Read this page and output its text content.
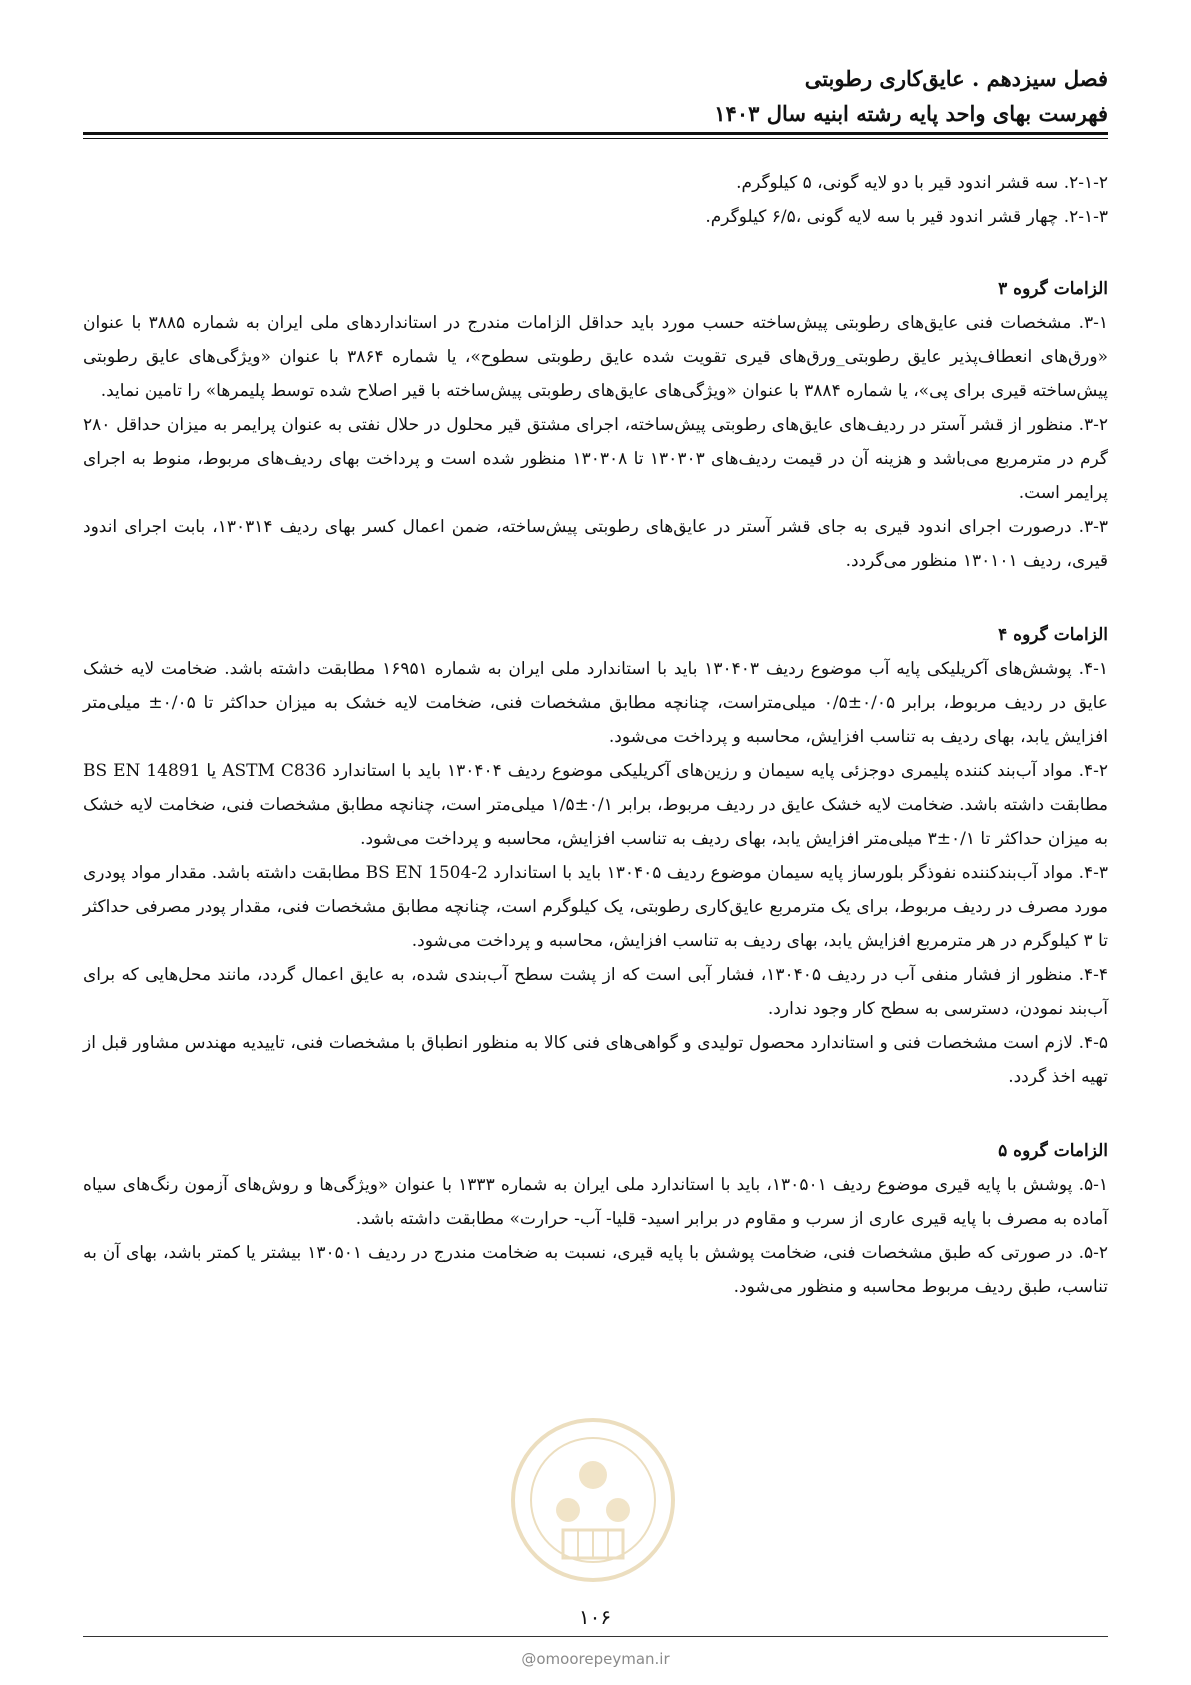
فصل سیزدهم . عایق‌کاری رطوبتی
فهرست بهای واحد پایه رشته ابنیه سال ۱۴۰۳

۲-۱-۲. سه قشر اندود قیر با دو لایه گونی، ۵ کیلوگرم.

۲-۱-۳. چهار قشر اندود قیر با سه لایه گونی ،۶/۵ کیلوگرم.

الزامات گروه ۳

۳-۱. مشخصات فنی عایق‌های رطوبتی پیش‌ساخته حسب مورد باید حداقل الزامات مندرج در استانداردهای ملی ایران به شماره ۳۸۸۵ با عنوان «ورق‌های انعطاف‌پذیر عایق رطوبتی_ورق‌های قیری تقویت شده عایق رطوبتی سطوح»، یا شماره ۳۸۶۴ با عنوان «ویژگی‌های عایق رطوبتی پیش‌ساخته قیری برای پی»، یا شماره ۳۸۸۴ با عنوان «ویژگی‌های عایق‌های رطوبتی پیش‌ساخته با قیر اصلاح شده توسط پلیمرها» را تامین نماید.

۳-۲. منظور از قشر آستر در ردیف‌های عایق‌های رطوبتی پیش‌ساخته، اجرای مشتق قیر محلول در حلال نفتی به عنوان پرایمر به میزان حداقل ۲۸۰ گرم در مترمربع می‌باشد و هزینه آن در قیمت ردیف‌های ۱۳۰۳۰۳ تا ۱۳۰۳۰۸ منظور شده است و پرداخت بهای ردیف‌های مربوط، منوط به اجرای پرایمر است.

۳-۳. درصورت اجرای اندود قیری به جای قشر آستر در عایق‌های رطوبتی پیش‌ساخته، ضمن اعمال کسر بهای ردیف ۱۳۰۳۱۴، بابت اجرای اندود قیری، ردیف ۱۳۰۱۰۱ منظور می‌گردد.

الزامات گروه ۴

۴-۱. پوشش‌های آکریلیکی پایه آب موضوع ردیف ۱۳۰۴۰۳ باید با استاندارد ملی ایران به شماره ۱۶۹۵۱ مطابقت داشته باشد. ضخامت لایه خشک عایق در ردیف مربوط، برابر ۰/۰۵±۰/۵ میلی‌متراست، چنانچه مطابق مشخصات فنی، ضخامت لایه خشک به میزان حداکثر تا ۰/۰۵± میلی‌متر افزایش یابد، بهای ردیف به تناسب افزایش، محاسبه و پرداخت می‌شود.

۴-۲. مواد آب‌بند کننده پلیمری دوجزئی پایه سیمان و رزین‌های آکریلیکی موضوع ردیف ۱۳۰۴۰۴ باید با استاندارد ASTM C836 یا BS EN 14891 مطابقت داشته باشد. ضخامت لایه خشک عایق در ردیف مربوط، برابر ۰/۱±۱/۵ میلی‌متر است، چنانچه مطابق مشخصات فنی، ضخامت لایه خشک به میزان حداکثر تا ۰/۱±۳ میلی‌متر افزایش یابد، بهای ردیف به تناسب افزایش، محاسبه و پرداخت می‌شود.

۴-۳. مواد آب‌بندکننده نفوذگر بلورساز پایه سیمان موضوع ردیف ۱۳۰۴۰۵ باید با استاندارد BS EN 1504-2 مطابقت داشته باشد. مقدار مواد پودری مورد مصرف در ردیف مربوط، برای یک مترمربع عایق‌کاری رطوبتی، یک کیلوگرم است، چنانچه مطابق مشخصات فنی، مقدار پودر مصرفی حداکثر تا ۳ کیلوگرم در هر مترمربع افزایش یابد، بهای ردیف به تناسب افزایش، محاسبه و پرداخت می‌شود.

۴-۴. منظور از فشار منفی آب در ردیف ۱۳۰۴۰۵، فشار آبی است که از پشت سطح آب‌بندی شده، به عایق اعمال گردد، مانند محل‌هایی که برای آب‌بند نمودن، دسترسی به سطح کار وجود ندارد.

۴-۵. لازم است مشخصات فنی و استاندارد محصول تولیدی و گواهی‌های فنی کالا به منظور انطباق با مشخصات فنی، تاییدیه مهندس مشاور قبل از تهیه اخذ گردد.

الزامات گروه ۵

۵-۱. پوشش با پایه قیری موضوع ردیف ۱۳۰۵۰۱، باید با استاندارد ملی ایران به شماره ۱۳۳۳ با عنوان «ویژگی‌ها و روش‌های آزمون رنگ‌های سیاه آماده به مصرف با پایه قیری عاری از سرب و مقاوم در برابر اسید- قلیا- آب- حرارت» مطابقت داشته باشد.

۵-۲. در صورتی که طبق مشخصات فنی، ضخامت پوشش با پایه قیری، نسبت به ضخامت مندرج در ردیف ۱۳۰۵۰۱ بیشتر یا کمتر باشد، بهای آن به تناسب، طبق ردیف مربوط محاسبه و منظور می‌شود.

۱۰۶
@omoorepeyman.ir
